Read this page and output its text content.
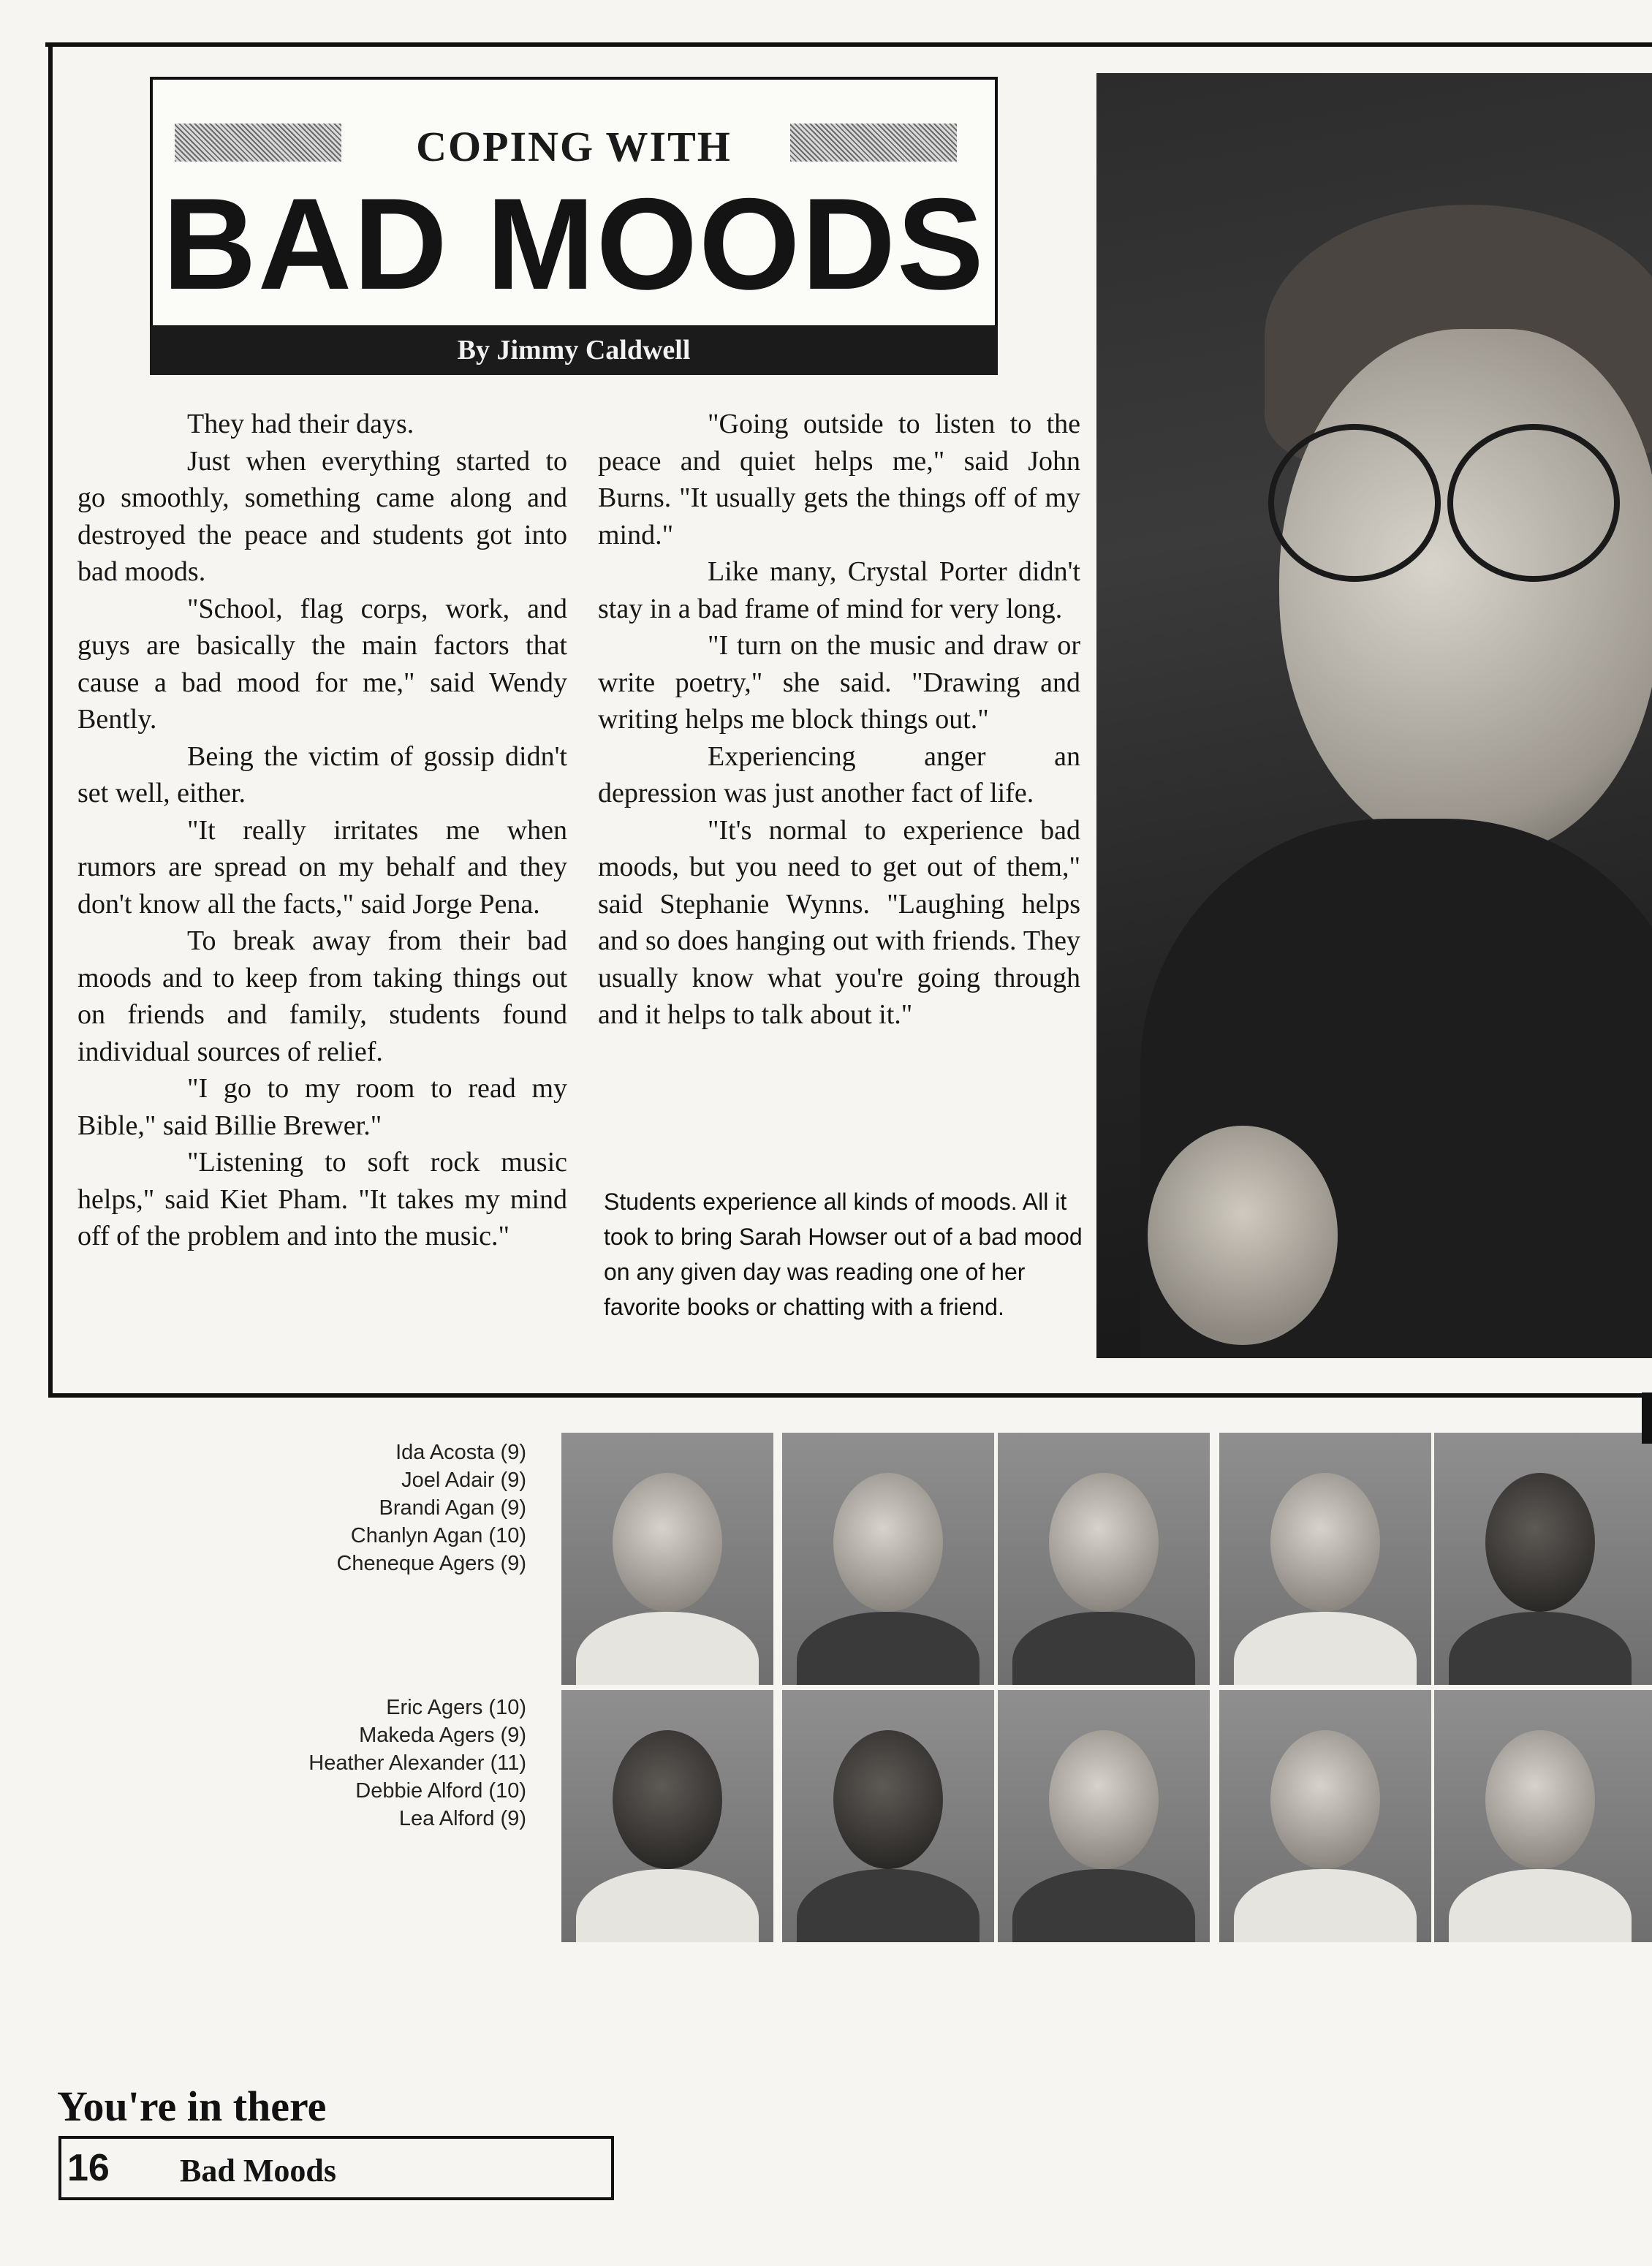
COPING WITH
BAD MOODS
By Jimmy Caldwell

They had their days.

Just when everything started to go smoothly, something came along and destroyed the peace and students got into bad moods.

"School, flag corps, work, and guys are basically the main factors that cause a bad mood for me," said Wendy Bently.

Being the victim of gossip didn't set well, either.

"It really irritates me when rumors are spread on my behalf and they don't know all the facts," said Jorge Pena.

To break away from their bad moods and to keep from taking things out on friends and family, students found individual sources of relief.

"I go to my room to read my Bible," said Billie Brewer."

"Listening to soft rock music helps," said Kiet Pham. "It takes my mind off of the problem and into the music."

"Going outside to listen to the peace and quiet helps me," said John Burns. "It usually gets the things off of my mind."

Like many, Crystal Porter didn't stay in a bad frame of mind for very long.

"I turn on the music and draw or write poetry," she said. "Drawing and writing helps me block things out."

Experiencing anger an depression was just another fact of life.

"It's normal to experience bad moods, but you need to get out of them," said Stephanie Wynns. "Laughing helps and so does hanging out with friends. They usually know what you're going through and it helps to talk about it."

Students experience all kinds of moods. All it took to bring Sarah Howser out of a bad mood on any given day was reading one of her favorite books or chatting with a friend.
Ida Acosta (9)
Joel Adair (9)
Brandi Agan (9)
Chanlyn Agan (10)
Cheneque Agers (9)
Eric Agers (10)
Makeda Agers (9)
Heather Alexander (11)
Debbie Alford (10)
Lea Alford (9)
You're in there
16 Bad Moods
